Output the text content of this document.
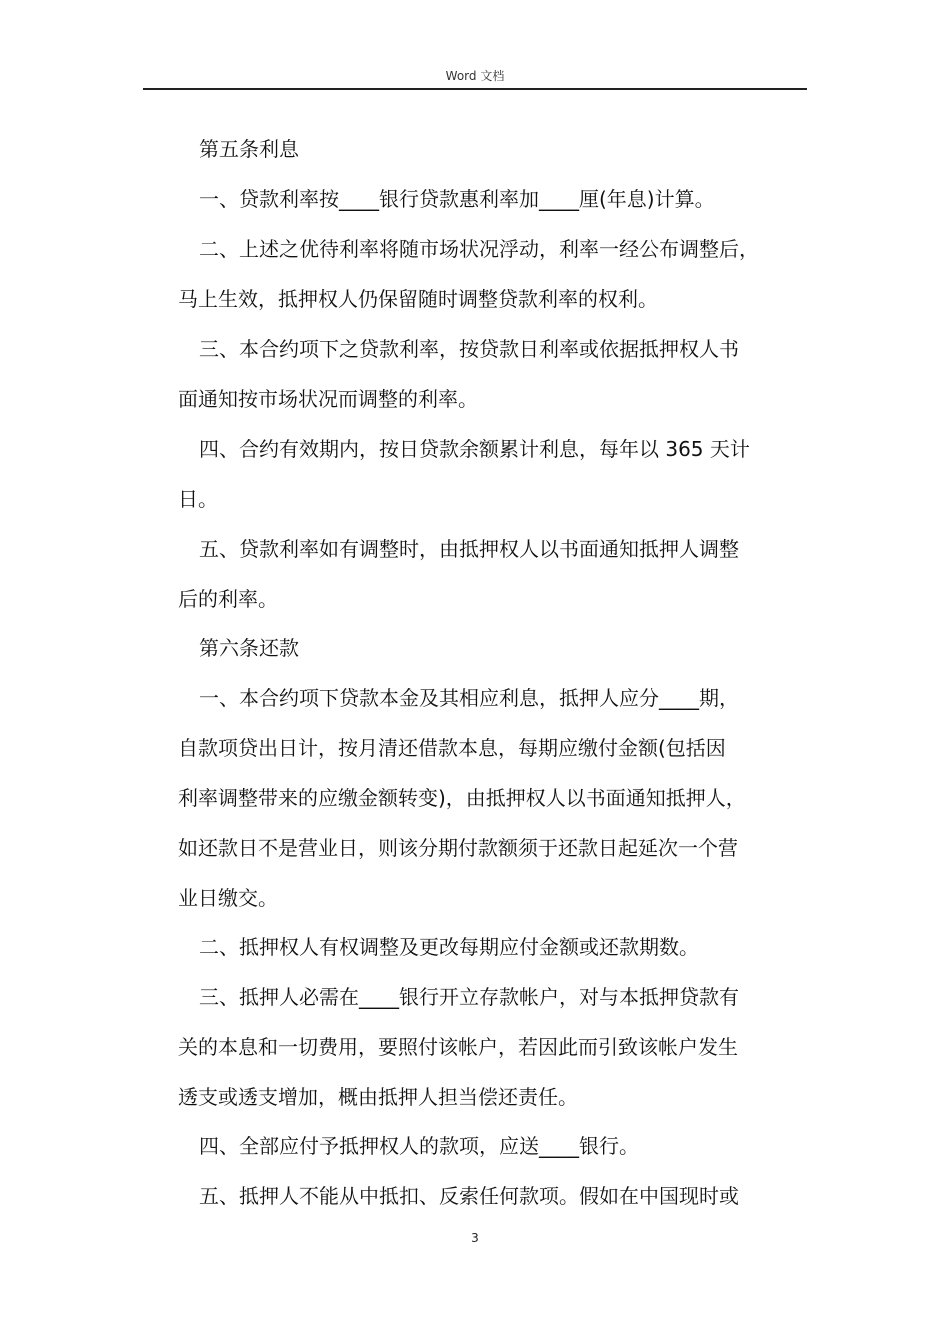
Word 文档
第五条利息
一、贷款利率按____银行贷款惠利率加____厘(年息)计算。
二、上述之优待利率将随市场状况浮动，利率一经公布调整后，
马上生效，抵押权人仍保留随时调整贷款利率的权利。
三、本合约项下之贷款利率，按贷款日利率或依据抵押权人书
面通知按市场状况而调整的利率。
四、合约有效期内，按日贷款余额累计利息，每年以 365 天计
日。
五、贷款利率如有调整时，由抵押权人以书面通知抵押人调整
后的利率。
第六条还款
一、本合约项下贷款本金及其相应利息，抵押人应分____期，
自款项贷出日计，按月清还借款本息，每期应缴付金额(包括因
利率调整带来的应缴金额转变)，由抵押权人以书面通知抵押人，
如还款日不是营业日，则该分期付款额须于还款日起延次一个营
业日缴交。
二、抵押权人有权调整及更改每期应付金额或还款期数。
三、抵押人必需在____银行开立存款帐户，对与本抵押贷款有
关的本息和一切费用，要照付该帐户，若因此而引致该帐户发生
透支或透支增加，概由抵押人担当偿还责任。
四、全部应付予抵押权人的款项，应送____银行。
五、抵押人不能从中抵扣、反索任何款项。假如在中国现时或
3
